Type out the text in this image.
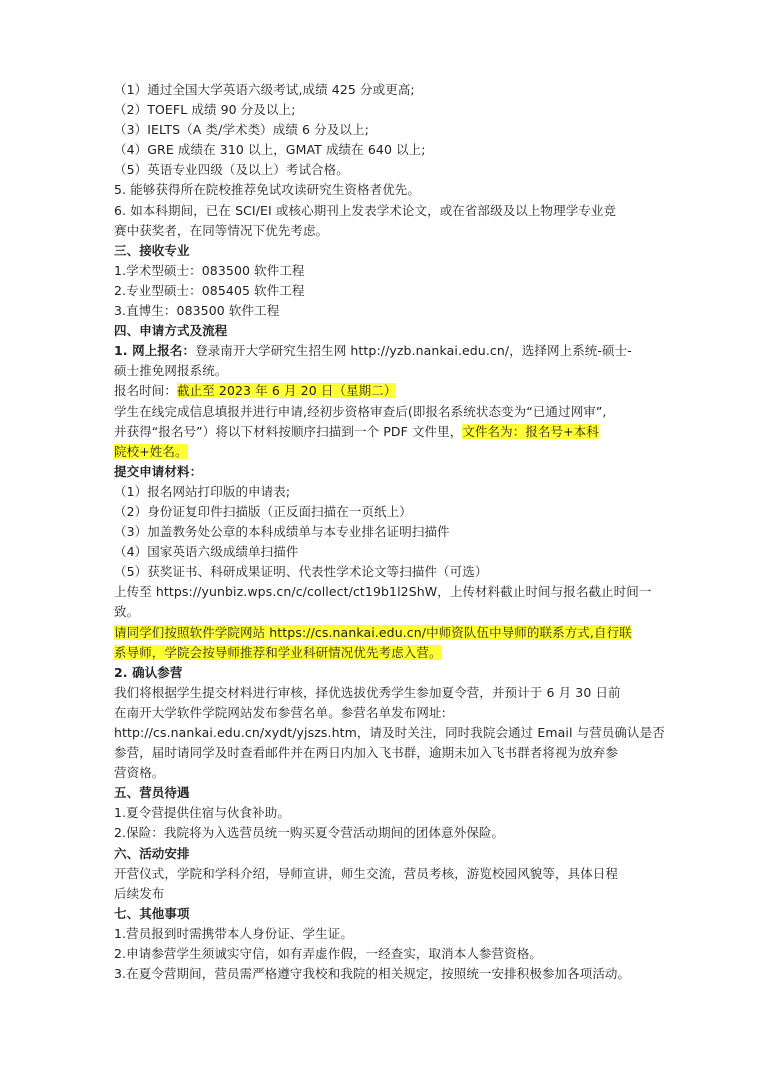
（1）通过全国大学英语六级考试,成绩 425 分或更高;
（2）TOEFL 成绩 90 分及以上;
（3）IELTS（A 类/学术类）成绩 6 分及以上;
（4）GRE 成绩在 310 以上，GMAT 成绩在 640 以上;
（5）英语专业四级（及以上）考试合格。
5. 能够获得所在院校推荐免试攻读研究生资格者优先。
6. 如本科期间，已在 SCI/EI 或核心期刊上发表学术论文，或在省部级及以上物理学专业竞
赛中获奖者，在同等情况下优先考虑。
三、接收专业
1.学术型硕士：083500 软件工程
2.专业型硕士：085405 软件工程
3.直博生：083500 软件工程
四、申请方式及流程
1. 网上报名：登录南开大学研究生招生网 http://yzb.nankai.edu.cn/，选择网上系统-硕士-
硕士推免网报系统。
报名时间：截止至 2023 年 6 月 20 日（星期二）
学生在线完成信息填报并进行申请,经初步资格审查后(即报名系统状态变为“已通过网审”,
并获得“报名号”）将以下材料按顺序扫描到一个 PDF 文件里，文件名为：报名号+本科
院校+姓名。
提交申请材料：
（1）报名网站打印版的申请表;
（2）身份证复印件扫描版（正反面扫描在一页纸上）
（3）加盖教务处公章的本科成绩单与本专业排名证明扫描件
（4）国家英语六级成绩单扫描件
（5）获奖证书、科研成果证明、代表性学术论文等扫描件（可选）
上传至 https://yunbiz.wps.cn/c/collect/ct19b1l2ShW，上传材料截止时间与报名截止时间一
致。
请同学们按照软件学院网站 https://cs.nankai.edu.cn/中师资队伍中导师的联系方式,自行联
系导师，学院会按导师推荐和学业科研情况优先考虑入营。
2. 确认参营
我们将根据学生提交材料进行审核，择优选拔优秀学生参加夏令营，并预计于 6 月 30 日前
在南开大学软件学院网站发布参营名单。参营名单发布网址:
http://cs.nankai.edu.cn/xydt/yjszs.htm，请及时关注，同时我院会通过 Email 与营员确认是否
参营，届时请同学及时查看邮件并在两日内加入飞书群，逾期未加入飞书群者将视为放弃参
营资格。
五、营员待遇
1.夏令营提供住宿与伙食补助。
2.保险：我院将为入选营员统一购买夏令营活动期间的团体意外保险。
六、活动安排
开营仪式，学院和学科介绍，导师宣讲，师生交流，营员考核，游览校园风貌等，具体日程
后续发布
七、其他事项
1.营员报到时需携带本人身份证、学生证。
2.申请参营学生须诚实守信，如有弄虚作假，一经查实，取消本人参营资格。
3.在夏令营期间，营员需严格遵守我校和我院的相关规定，按照统一安排积极参加各项活动。
